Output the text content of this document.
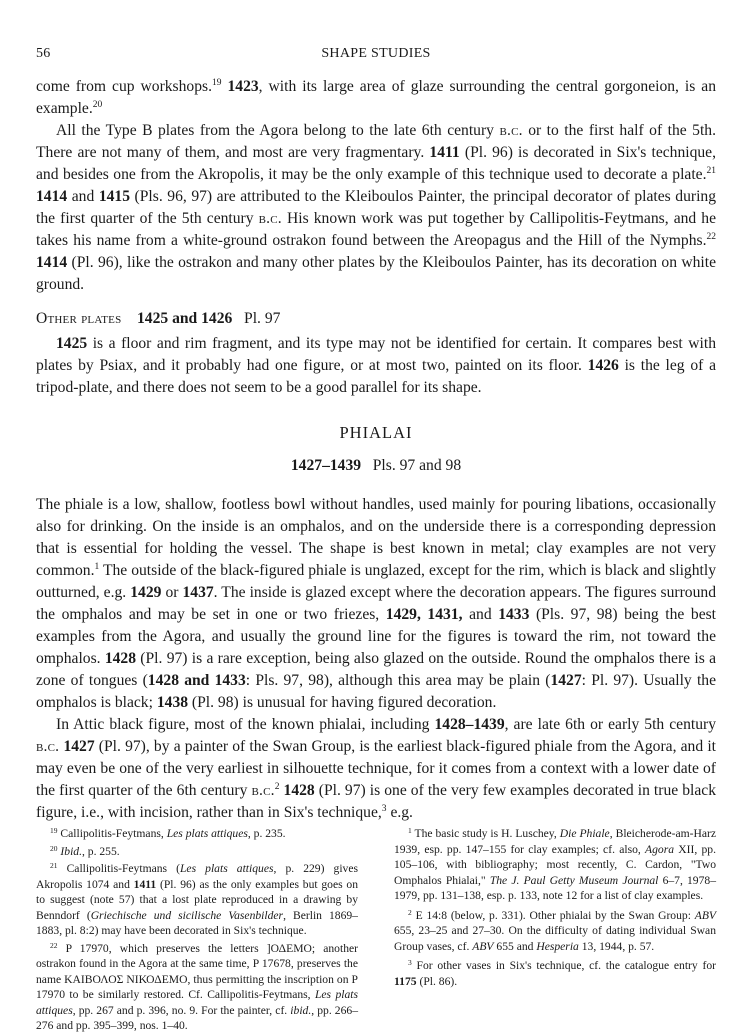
56	SHAPE STUDIES

come from cup workshops.$^{19}$ 1423, with its large area of glaze surrounding the central gorgoneion, is an example.$^{20}$

All the Type B plates from the Agora belong to the late 6th century b.c. or to the first half of the 5th. There are not many of them, and most are very fragmentary. 1411 (Pl. 96) is decorated in Six's technique, and besides one from the Akropolis, it may be the only example of this technique used to decorate a plate.$^{21}$ 1414 and 1415 (Pls. 96, 97) are attributed to the Kleiboulos Painter, the principal decorator of plates during the first quarter of the 5th century b.c. His known work was put together by Callipolitis-Feytmans, and he takes his name from a white-ground ostrakon found between the Areopagus and the Hill of the Nymphs.$^{22}$ 1414 (Pl. 96), like the ostrakon and many other plates by the Kleiboulos Painter, has its decoration on white ground.

Other plates 1425 and 1426 Pl. 97

1425 is a floor and rim fragment, and its type may not be identified for certain. It compares best with plates by Psiax, and it probably had one figure, or at most two, painted on its floor. 1426 is the leg of a tripod-plate, and there does not seem to be a good parallel for its shape.

PHIALAI

1427–1439 Pls. 97 and 98

The phiale is a low, shallow, footless bowl without handles, used mainly for pouring libations, occasionally also for drinking. On the inside is an omphalos, and on the underside there is a corresponding depression that is essential for holding the vessel. The shape is best known in metal; clay examples are not very common.$^1$ The outside of the black-figured phiale is unglazed, except for the rim, which is black and slightly outturned, e.g. 1429 or 1437. The inside is glazed except where the decoration appears. The figures surround the omphalos and may be set in one or two friezes, 1429, 1431, and 1433 (Pls. 97, 98) being the best examples from the Agora, and usually the ground line for the figures is toward the rim, not toward the omphalos. 1428 (Pl. 97) is a rare exception, being also glazed on the outside. Round the omphalos there is a zone of tongues (1428 and 1433: Pls. 97, 98), although this area may be plain (1427: Pl. 97). Usually the omphalos is black; 1438 (Pl. 98) is unusual for having figured decoration.

In Attic black figure, most of the known phialai, including 1428–1439, are late 6th or early 5th century b.c. 1427 (Pl. 97), by a painter of the Swan Group, is the earliest black-figured phiale from the Agora, and it may even be one of the very earliest in silhouette technique, for it comes from a context with a lower date of the first quarter of the 6th century b.c.$^2$ 1428 (Pl. 97) is one of the very few examples decorated in true black figure, i.e., with incision, rather than in Six's technique,$^3$ e.g.

$^{19}$ Callipolitis-Feytmans, Les plats attiques, p. 235.

$^{20}$ Ibid., p. 255.

$^{21}$ Callipolitis-Feytmans (Les plats attiques, p. 229) gives Akropolis 1074 and 1411 (Pl. 96) as the only examples but goes on to suggest (note 57) that a lost plate reproduced in a drawing by Benndorf (Griechische und sicilische Vasenbilder, Berlin 1869–1883, pl. 8:2) may have been decorated in Six's technique.

$^{22}$ P 17970, which preserves the letters ]ΟΔΕΜΟ; another ostrakon found in the Agora at the same time, P 17678, preserves the name ΚΑΙΒΟΛΟΣ ΝΙΚΟΔΕΜΟ, thus permitting the inscription on P 17970 to be similarly restored. Cf. Callipolitis-Feytmans, Les plats attiques, pp. 267 and p. 396, no. 9. For the painter, cf. ibid., pp. 266–276 and pp. 395–399, nos. 1–40.

$^1$ The basic study is H. Luschey, Die Phiale, Bleicherode-am-Harz 1939, esp. pp. 147–155 for clay examples; cf. also, Agora XII, pp. 105–106, with bibliography; most recently, C. Cardon, "Two Omphalos Phialai," The J. Paul Getty Museum Journal 6–7, 1978–1979, pp. 131–138, esp. p. 133, note 12 for a list of clay examples.

$^2$ E 14:8 (below, p. 331). Other phialai by the Swan Group: ABV 655, 23–25 and 27–30. On the difficulty of dating individual Swan Group vases, cf. ABV 655 and Hesperia 13, 1944, p. 57.

$^3$ For other vases in Six's technique, cf. the catalogue entry for 1175 (Pl. 86).
